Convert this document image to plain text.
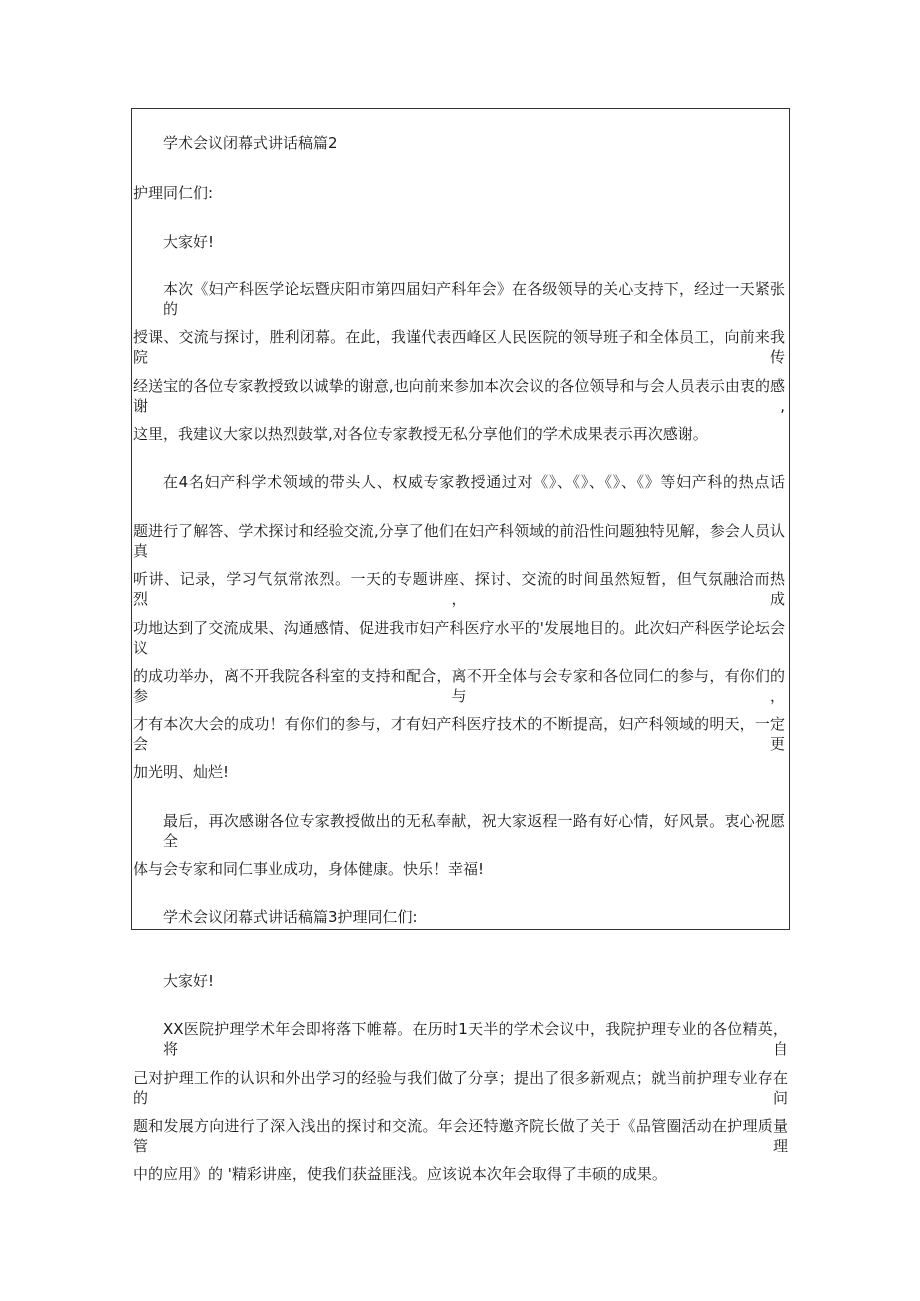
学术会议闭幕式讲话稿篇2
护理同仁们:
大家好!
本次《妇产科医学论坛暨庆阳市第四届妇产科年会》在各级领导的关心支持下，经过一天紧张的
授课、交流与探讨，胜利闭幕。在此，我谨代表西峰区人民医院的领导班子和全体员工，向前来我院传
经送宝的各位专家教授致以诚挚的谢意,也向前来参加本次会议的各位领导和与会人员表示由衷的感谢,
这里，我建议大家以热烈鼓掌,对各位专家教授无私分享他们的学术成果表示再次感谢。
在4名妇产科学术领域的带头人、权威专家教授通过对《》、《》、《》、《》等妇产科的热点话
题进行了解答、学术探讨和经验交流,分享了他们在妇产科领域的前沿性问题独特见解，参会人员认真
听讲、记录，学习气氛常浓烈。一天的专题讲座、探讨、交流的时间虽然短暂，但气氛融洽而热烈，成
功地达到了交流成果、沟通感情、促进我市妇产科医疗水平的'发展地目的。此次妇产科医学论坛会议
的成功举办，离不开我院各科室的支持和配合，离不开全体与会专家和各位同仁的参与，有你们的参与，
才有本次大会的成功！有你们的参与，才有妇产科医疗技术的不断提高，妇产科领域的明天，一定会更
加光明、灿烂!
最后，再次感谢各位专家教授做出的无私奉献，祝大家返程一路有好心情，好风景。衷心祝愿全
体与会专家和同仁事业成功，身体健康。快乐！幸福!
学术会议闭幕式讲话稿篇3护理同仁们:
大家好!
XX医院护理学术年会即将落下帷幕。在历时1天半的学术会议中，我院护理专业的各位精英，将自
己对护理工作的认识和外出学习的经验与我们做了分享；提出了很多新观点；就当前护理专业存在的问
题和发展方向进行了深入浅出的探讨和交流。年会还特邀齐院长做了关于《品管圈活动在护理质量管理
中的应用》的 '精彩讲座，使我们获益匪浅。应该说本次年会取得了丰硕的成果。
